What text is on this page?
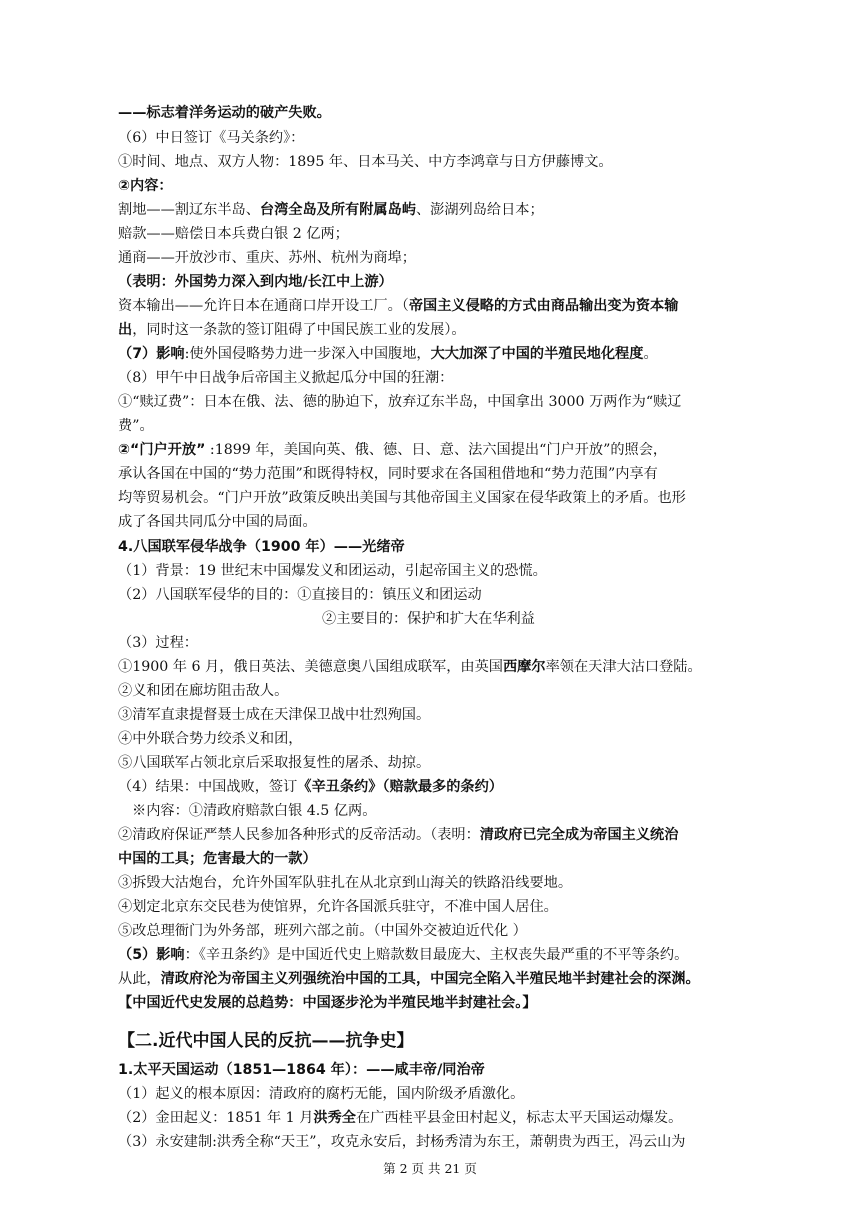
——标志着洋务运动的破产失败。
（6）中日签订《马关条约》：
①时间、地点、双方人物：1895 年、日本马关、中方李鸿章与日方伊藤博文。
②内容：
割地——割辽东半岛、台湾全岛及所有附属岛屿、澎湖列岛给日本；
赔款——赔偿日本兵费白银 2 亿两；
通商——开放沙市、重庆、苏州、杭州为商埠；
（表明：外国势力深入到内地/长江中上游）
资本输出——允许日本在通商口岸开设工厂。（帝国主义侵略的方式由商品输出变为资本输
出，同时这一条款的签订阻碍了中国民族工业的发展）。
（7）影响:使外国侵略势力进一步深入中国腹地，大大加深了中国的半殖民地化程度。
（8）甲午中日战争后帝国主义掀起瓜分中国的狂潮：
①“赎辽费”：日本在俄、法、德的胁迫下，放弃辽东半岛，中国拿出 3000 万两作为“赎辽
费”。
②“门户开放” :1899 年，美国向英、俄、德、日、意、法六国提出“门户开放”的照会，
承认各国在中国的“势力范围”和既得特权，同时要求在各国租借地和“势力范围”内享有
均等贸易机会。“门户开放”政策反映出美国与其他帝国主义国家在侵华政策上的矛盾。也形
成了各国共同瓜分中国的局面。
4.八国联军侵华战争（1900 年）——光绪帝
（1）背景：19 世纪末中国爆发义和团运动，引起帝国主义的恐慌。
（2）八国联军侵华的目的：①直接目的：镇压义和团运动
②主要目的：保护和扩大在华利益
（3）过程：
①1900 年 6 月，俄日英法、美德意奥八国组成联军，由英国西摩尔率领在天津大沽口登陆。
②义和团在廊坊阻击敌人。
③清军直隶提督聂士成在天津保卫战中壮烈殉国。
④中外联合势力绞杀义和团，
⑤八国联军占领北京后采取报复性的屠杀、劫掠。
（4）结果：中国战败，签订《辛丑条约》（赔款最多的条约）
※内容：①清政府赔款白银 4.5 亿两。
②清政府保证严禁人民参加各种形式的反帝活动。（表明：清政府已完全成为帝国主义统治
中国的工具；危害最大的一款）
③拆毁大沽炮台，允许外国军队驻扎在从北京到山海关的铁路沿线要地。
④划定北京东交民巷为使馆界，允许各国派兵驻守，不准中国人居住。
⑤改总理衙门为外务部，班列六部之前。（中国外交被迫近代化 ）
（5）影响：《辛丑条约》是中国近代史上赔款数目最庞大、主权丧失最严重的不平等条约。
从此，清政府沦为帝国主义列强统治中国的工具，中国完全陷入半殖民地半封建社会的深渊。
【中国近代史发展的总趋势：中国逐步沦为半殖民地半封建社会。】
【二.近代中国人民的反抗——抗争史】
1.太平天国运动（1851—1864 年）：——咸丰帝/同治帝
（1）起义的根本原因：清政府的腐朽无能，国内阶级矛盾激化。
（2）金田起义：1851 年 1 月洪秀全在广西桂平县金田村起义，标志太平天国运动爆发。
（3）永安建制:洪秀全称“天王”，攻克永安后，封杨秀清为东王，萧朝贵为西王，冯云山为
第 2 页 共 21 页
